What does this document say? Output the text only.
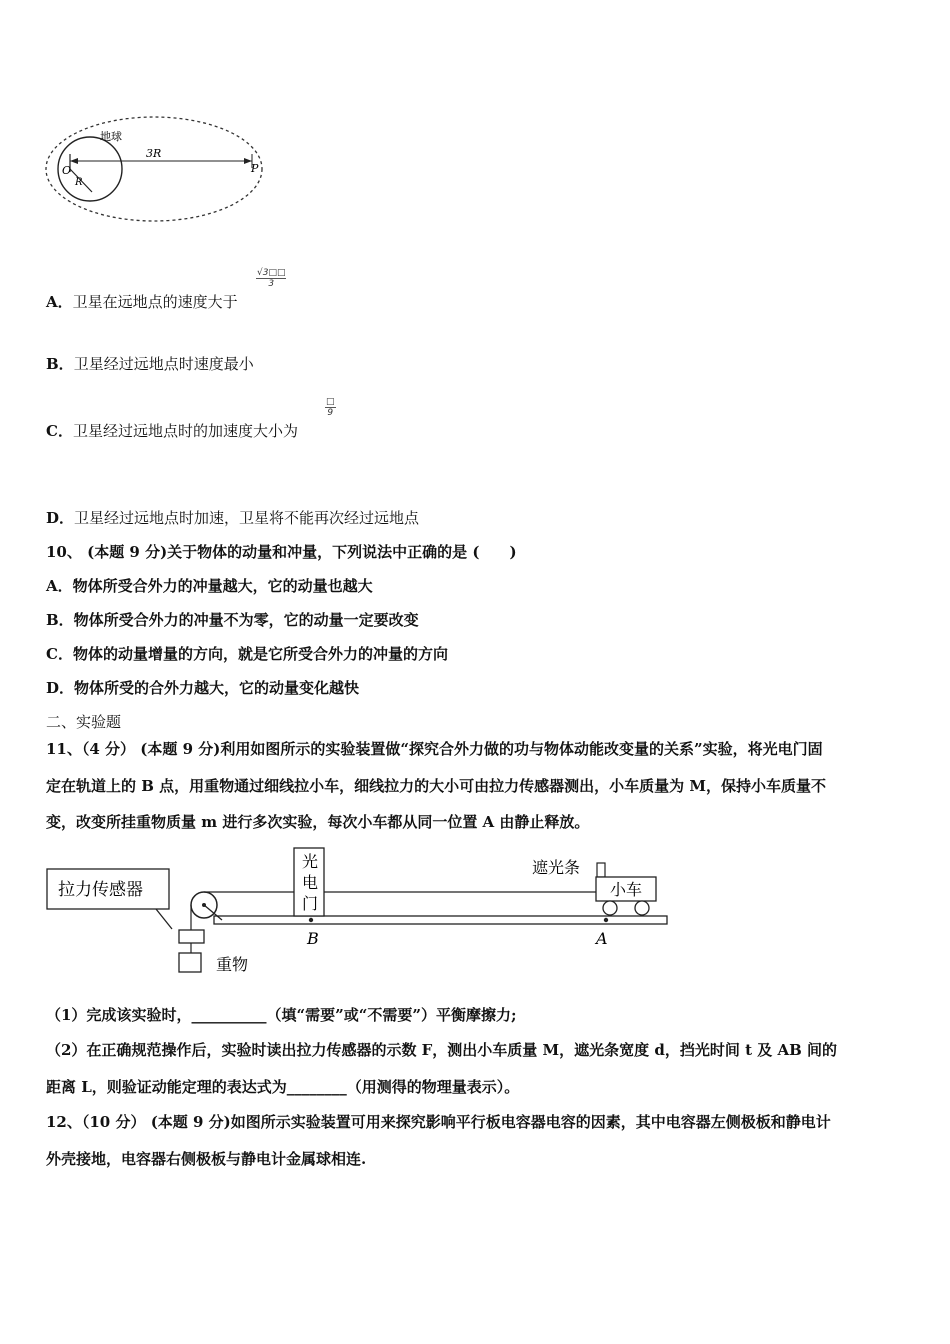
地球
3R
O
R
P
A．卫星在远地点的速度大于
$\frac{√3□□}{3}$
B．卫星经过远地点时速度最小
C．卫星经过远地点时的加速度大小为
□
9
D．卫星经过远地点时加速，卫星将不能再次经过远地点
10、 (本题 9 分)关于物体的动量和冲量，下列说法中正确的是 (　　)
A．物体所受合外力的冲量越大，它的动量也越大
B．物体所受合外力的冲量不为零，它的动量一定要改变
C．物体的动量增量的方向，就是它所受合外力的冲量的方向
D．物体所受的合外力越大，它的动量变化越快
二、实验题
11、（4 分） (本题 9 分)利用如图所示的实验装置做“探究合外力做的功与物体动能改变量的关系”实验，将光电门固
定在轨道上的 B 点，用重物通过细线拉小车，细线拉力的大小可由拉力传感器测出，小车质量为 M，保持小车质量不
变，改变所挂重物质量 m 进行多次实验，每次小车都从同一位置 A 由静止释放。
拉力传感器
重物
光
电
门
B
遮光条
小车
A
（1）完成该实验时，__________（填“需要”或“不需要”）平衡摩擦力;
（2）在正确规范操作后，实验时读出拉力传感器的示数 F，测出小车质量 M，遮光条宽度 d，挡光时间 t 及 AB 间的
距离 L，则验证动能定理的表达式为________（用测得的物理量表示）。
12、（10 分） (本题 9 分)如图所示实验装置可用来探究影响平行板电容器电容的因素，其中电容器左侧极板和静电计
外壳接地，电容器右侧极板与静电计金属球相连.
